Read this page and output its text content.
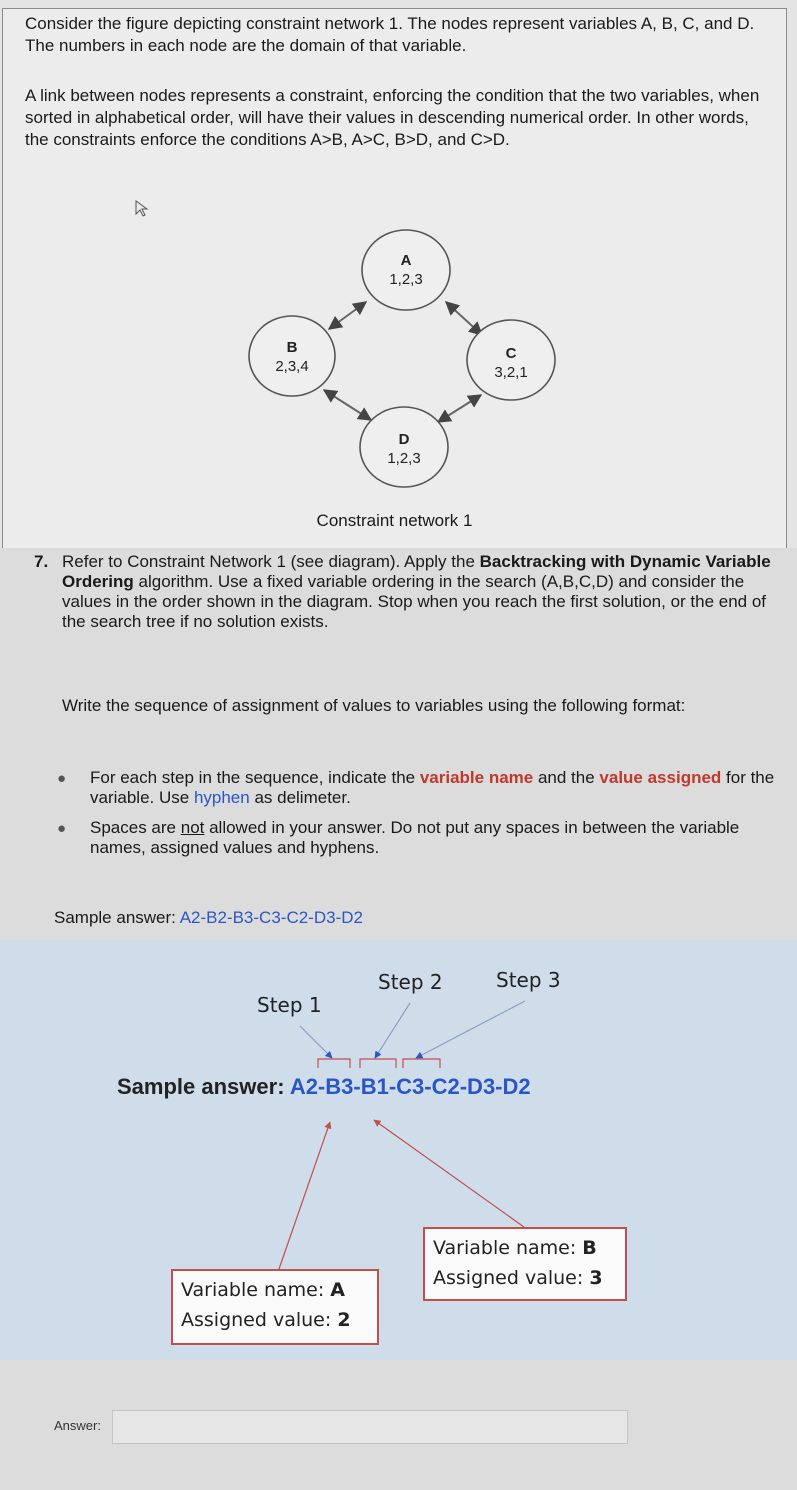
Consider the figure depicting constraint network 1. The nodes represent variables A, B, C, and D. The numbers in each node are the domain of that variable.

A link between nodes represents a constraint, enforcing the condition that the two variables, when sorted in alphabetical order, will have their values in descending numerical order. In other words, the constraints enforce the conditions A>B, A>C, B>D, and C>D.

A
1,2,3
B
2,3,4
C
3,2,1
D
1,2,3
Constraint network 1
7. Refer to Constraint Network 1 (see diagram). Apply the Backtracking with Dynamic Variable Ordering algorithm. Use a fixed variable ordering in the search (A,B,C,D) and consider the values in the order shown in the diagram. Stop when you reach the first solution, or the end of the search tree if no solution exists.

Write the sequence of assignment of values to variables using the following format:

● For each step in the sequence, indicate the variable name and the value assigned for the variable. Use hyphen as delimeter.

● Spaces are not allowed in your answer. Do not put any spaces in between the variable names, assigned values and hyphens.

Sample answer: A2-B2-B3-C3-C2-D3-D2
Step 1
Step 2	Step 3
Sample answer: A2-B3-B1-C3-C2-D3-D2
Variable name: A
Assigned value: 2
Variable name: B
Assigned value: 3
Answer:
